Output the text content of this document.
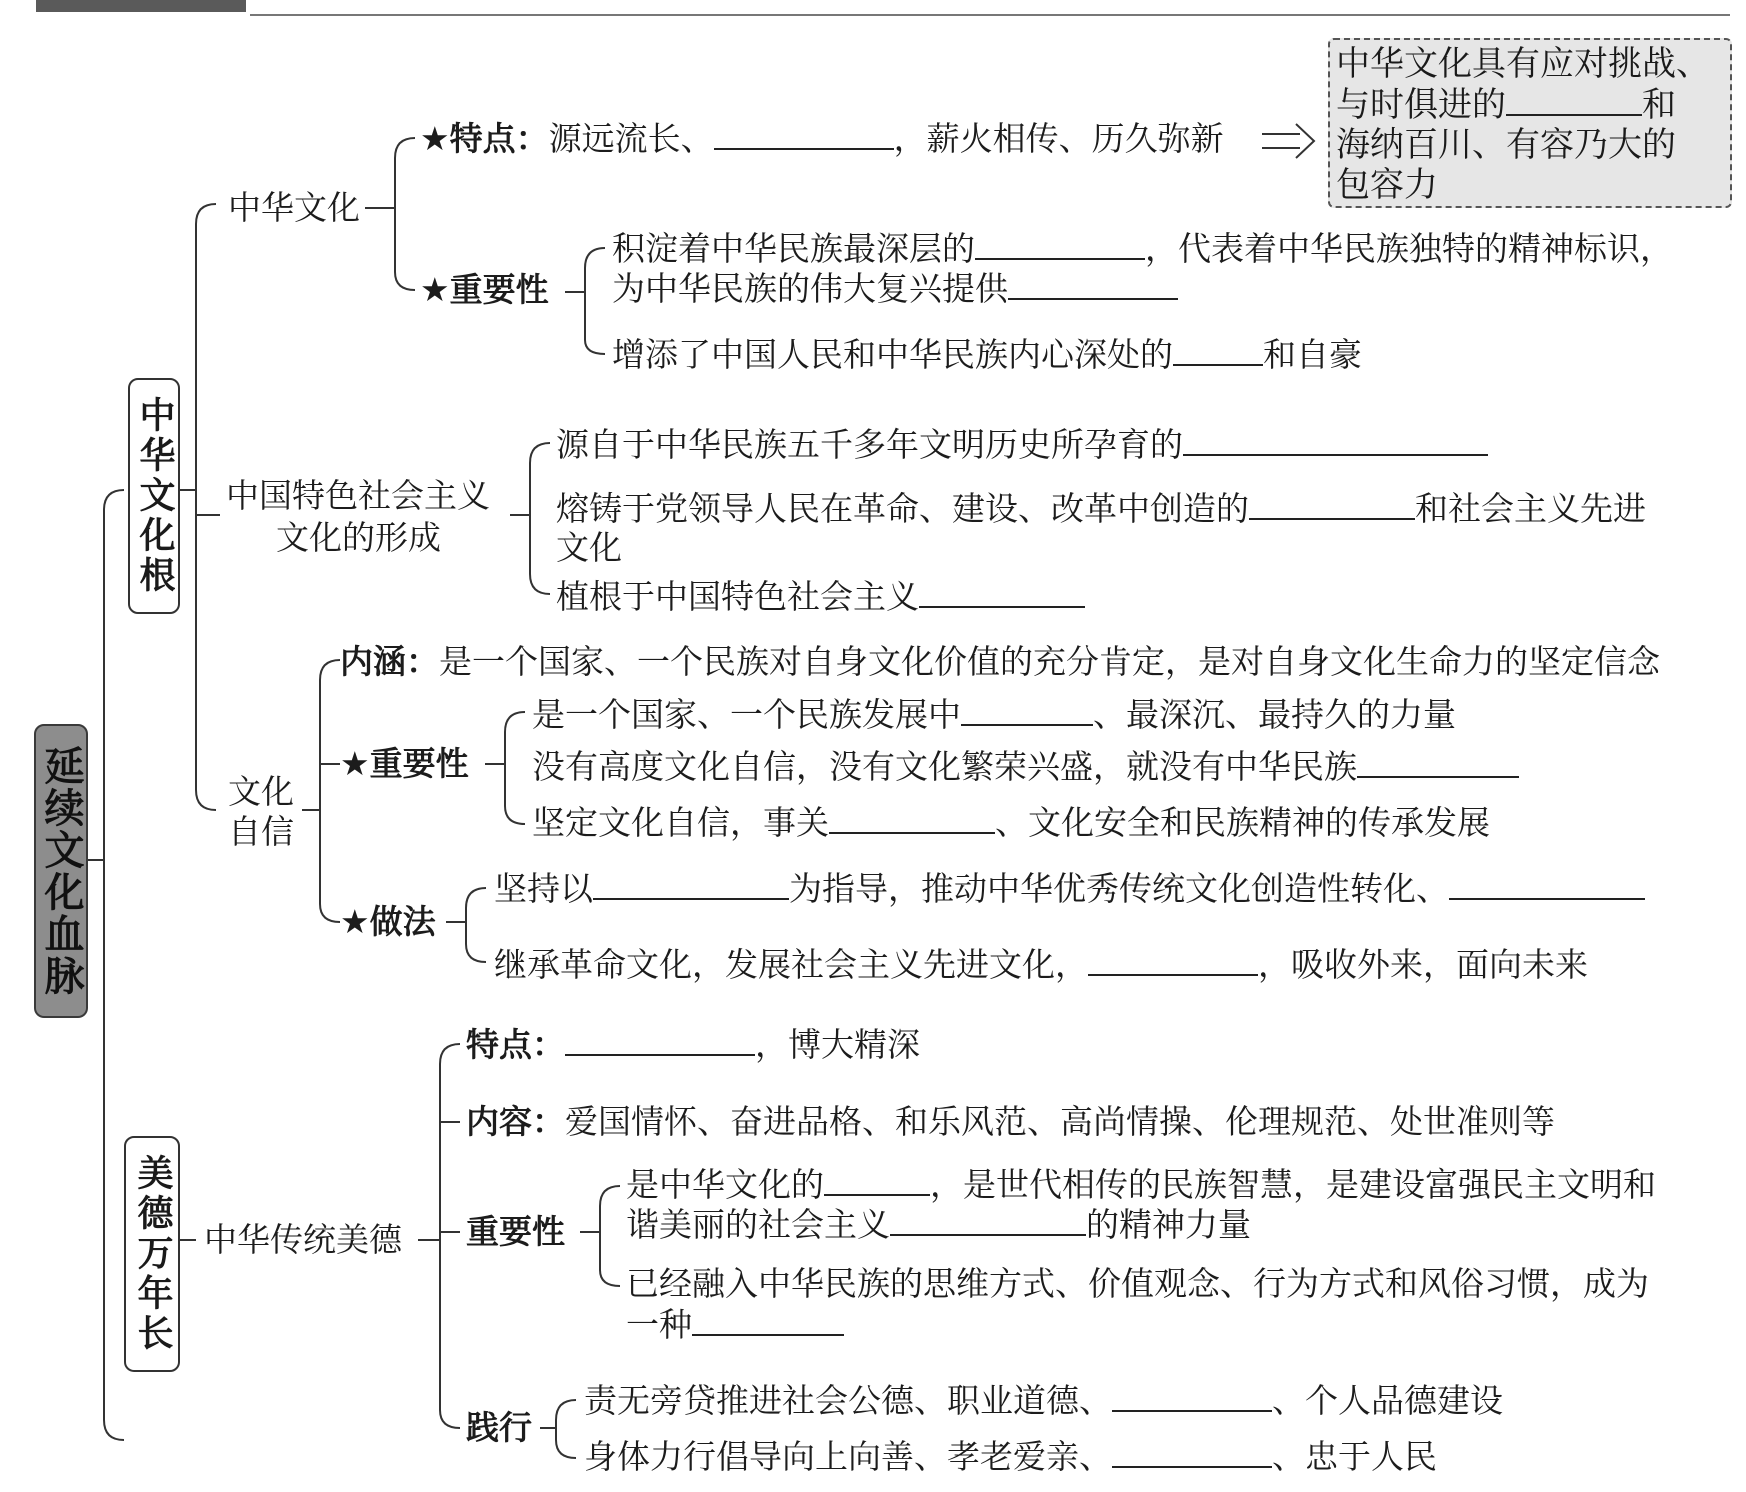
延续文化血脉
中华文化根
美德万年长
中华文化
★特点：源远流长、	，薪火相传、历久弥新
中华文化具有应对挑战、
与时俱进的	和
海纳百川、有容乃大的
包容力
★重要性
积淀着中华民族最深层的	，代表着中华民族独特的精神标识，
为中华民族的伟大复兴提供
增添了中国人民和中华民族内心深处的	和自豪
中国特色社会主义
文化的形成
源自于中华民族五千多年文明历史所孕育的
熔铸于党领导人民在革命、建设、改革中创造的	和社会主义先进
文化
植根于中国特色社会主义
文化
自信
内涵：是一个国家、一个民族对自身文化价值的充分肯定，是对自身文化生命力的坚定信念
★重要性
是一个国家、一个民族发展中	、最深沉、最持久的力量
没有高度文化自信，没有文化繁荣兴盛，就没有中华民族
坚定文化自信，事关	、文化安全和民族精神的传承发展
★做法
坚持以	为指导，推动中华优秀传统文化创造性转化、
继承革命文化，发展社会主义先进文化，	，吸收外来，面向未来
中华传统美德
特点：	，博大精深
内容：爱国情怀、奋进品格、和乐风范、高尚情操、伦理规范、处世准则等
重要性
是中华文化的	，是世代相传的民族智慧，是建设富强民主文明和
谐美丽的社会主义	的精神力量
已经融入中华民族的思维方式、价值观念、行为方式和风俗习惯，成为
一种
践行
责无旁贷推进社会公德、职业道德、	、个人品德建设
身体力行倡导向上向善、孝老爱亲、	、忠于人民
